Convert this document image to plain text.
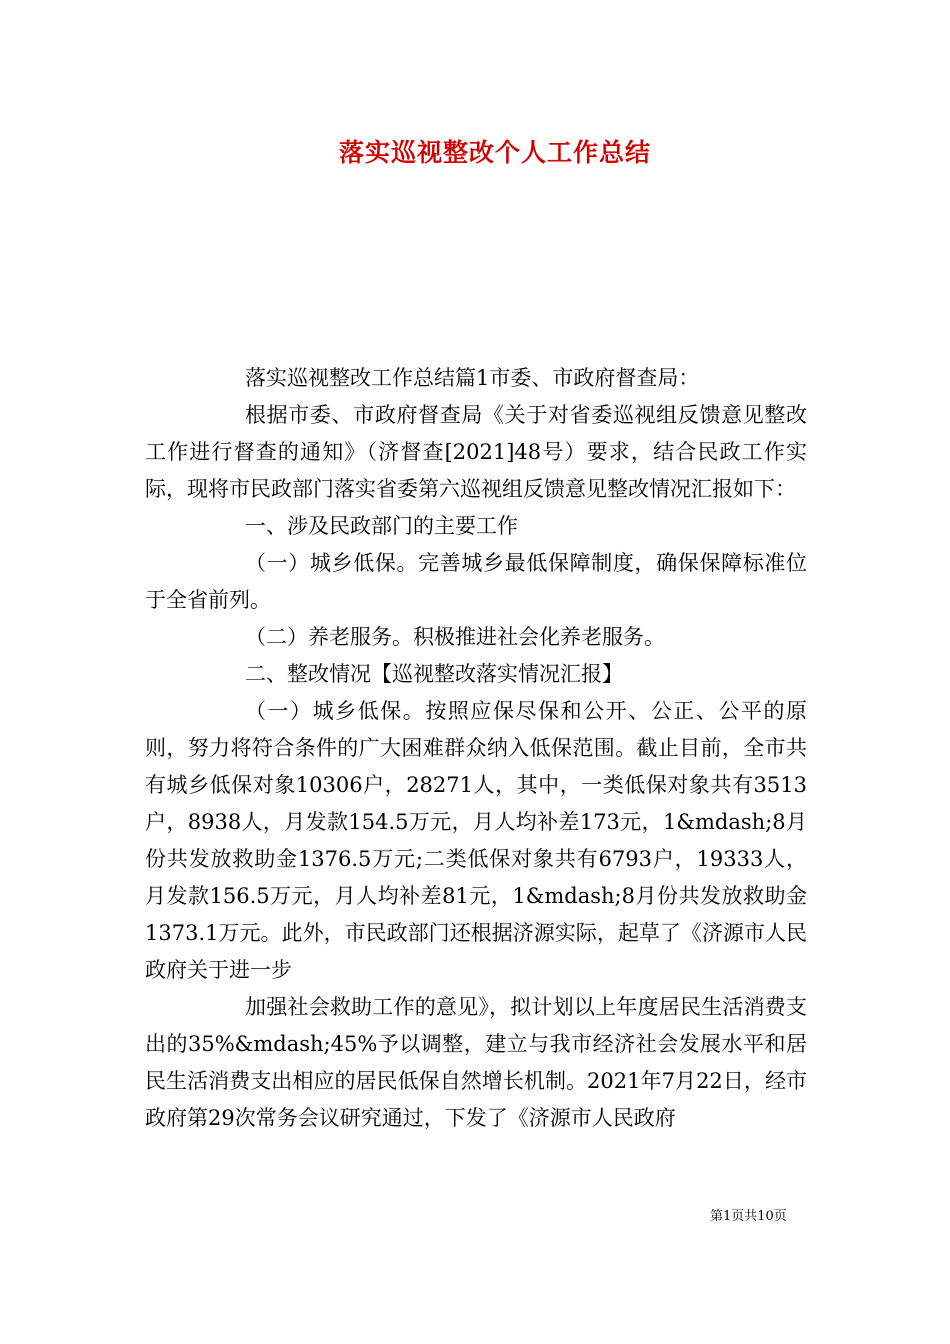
落实巡视整改个人工作总结

落实巡视整改工作总结篇1市委、市政府督查局：

根据市委、市政府督查局《关于对省委巡视组反馈意见整改工作进行督查的通知》（济督查[2021]48号）要求，结合民政工作实际，现将市民政部门落实省委第六巡视组反馈意见整改情况汇报如下：

一、涉及民政部门的主要工作

（一）城乡低保。完善城乡最低保障制度，确保保障标准位于全省前列。

（二）养老服务。积极推进社会化养老服务。

二、整改情况【巡视整改落实情况汇报】

（一）城乡低保。按照应保尽保和公开、公正、公平的原则，努力将符合条件的广大困难群众纳入低保范围。截止目前，全市共有城乡低保对象10306户，28271人，其中，一类低保对象共有3513户，8938人，月发款154.5万元，月人均补差173元，1&mdash;8月份共发放救助金1376.5万元;二类低保对象共有6793户，19333人，月发款156.5万元，月人均补差81元，1&mdash;8月份共发放救助金1373.1万元。此外，市民政部门还根据济源实际，起草了《济源市人民政府关于进一步

加强社会救助工作的意见》，拟计划以上年度居民生活消费支出的35%&mdash;45%予以调整，建立与我市经济社会发展水平和居民生活消费支出相应的居民低保自然增长机制。2021年7月22日，经市政府第29次常务会议研究通过，下发了《济源市人民政府

第1页共10页
